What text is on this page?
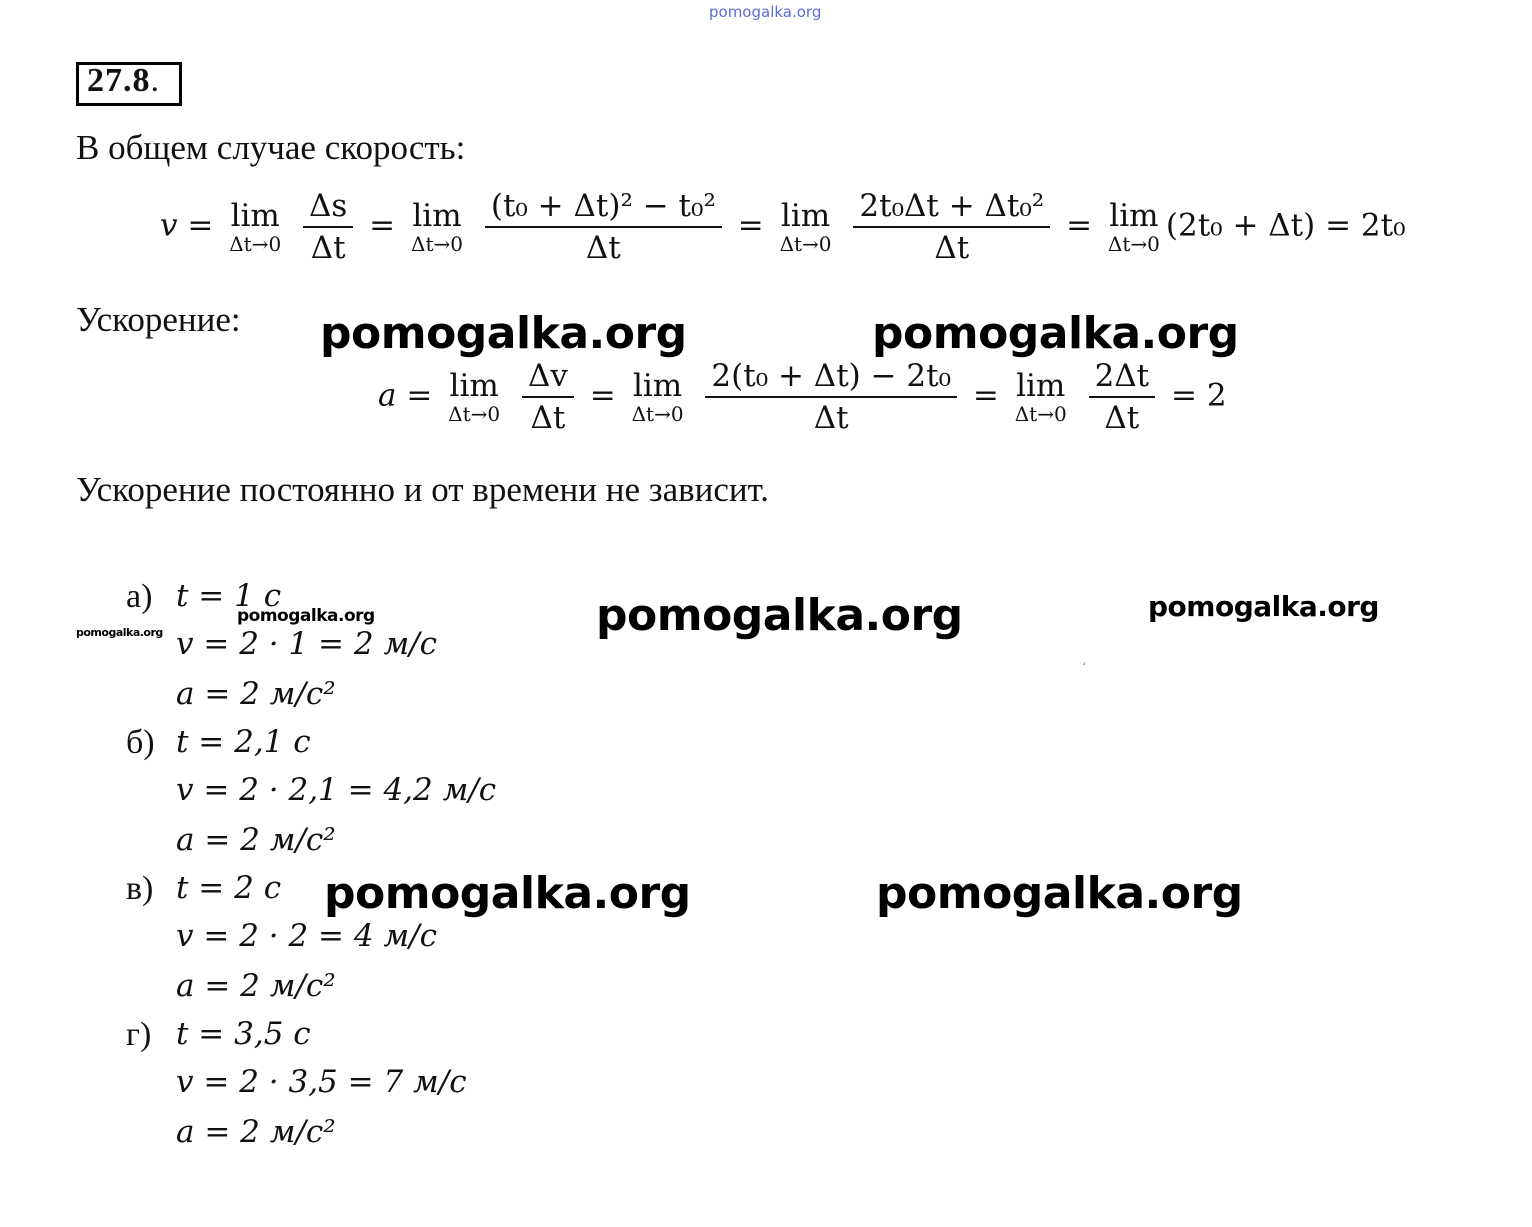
pomogalka.org
27.8.
В общем случае скорость:
v = lim
Δt→0
$\frac{\Delta s}{\Delta t} = \lim$
Δt→0
$\frac{\text{(t₀ + Δt)² − t₀²}}{\Delta t} = \lim$
Δt→0
$\frac{\text{2t₀Δt + Δt₀²}}{\Delta t} = \lim$
Δt→0 (2t₀ + Δt) = 2t₀
Ускорение: pomogalka.org	pomogalka.org
a = lim
Δt→0
$\frac{\Delta v}{\Delta t} = \lim$
Δt→0
$\frac{\text{2(t₀ + Δt) − 2t₀}}{\Delta t} = \lim$
Δt→0
$\frac{2\Delta t}{\Delta t} = 2$
Ускорение постоянно и от времени не зависит.
а) t = 1 с
v = 2 · 1 = 2 м/с
a = 2 м/с²
pomogalka.org
pomogalka.org	pomogalka.org	pomogalka.org
ʾ
б) t = 2,1 с
v = 2 · 2,1 = 4,2 м/с
a = 2 м/с²
в) t = 2 с
v = 2 · 2 = 4 м/с
a = 2 м/с²
pomogalka.org	pomogalka.org
г) t = 3,5 с
v = 2 · 3,5 = 7 м/с
a = 2 м/с²
